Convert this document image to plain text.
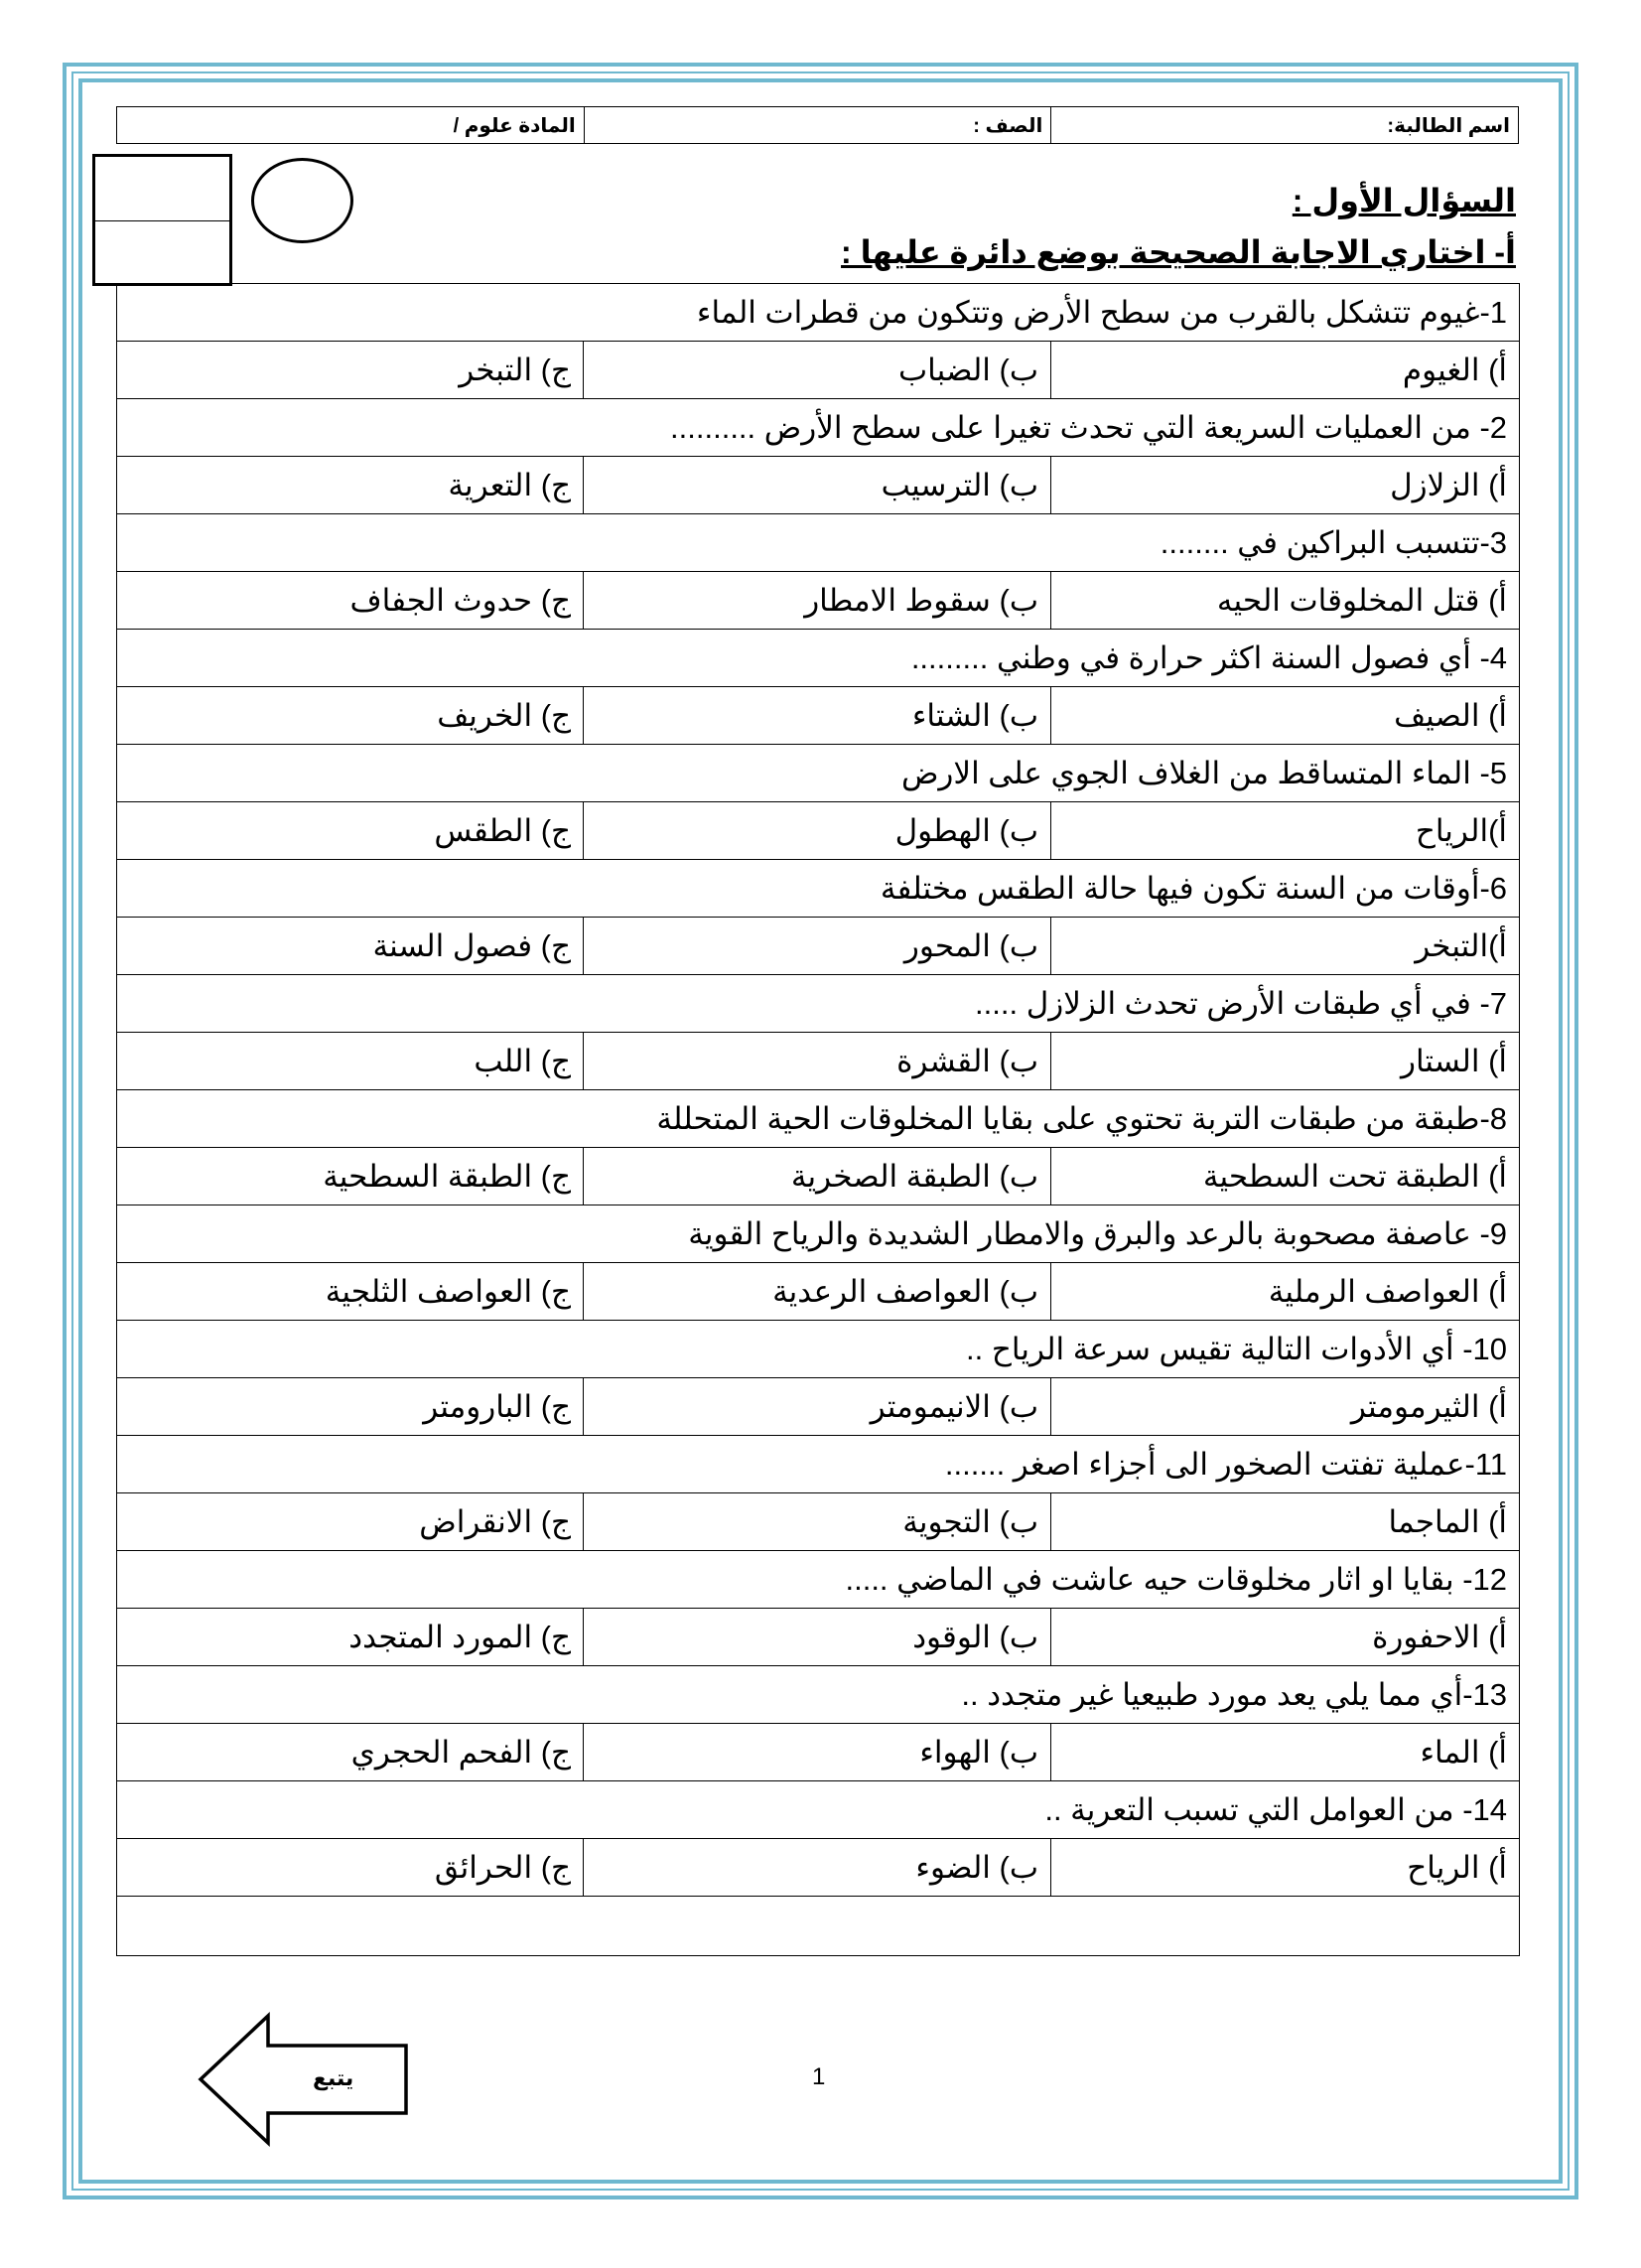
اسم الطالبة:	الصف :	المادة علوم /
السؤال الأول :
أ- اختاري الاجابة الصحيحة بوضع دائرة عليها :
1-غيوم تتشكل بالقرب من سطح الأرض وتتكون من قطرات الماء		
أ) الغيوم	ب) الضباب	ج) التبخر
2- من العمليات السريعة التي تحدث تغيرا على سطح الأرض ..........		
أ) الزلازل	ب) الترسيب	ج) التعرية
3-تتسبب البراكين في ........		
أ) قتل المخلوقات الحيه	ب) سقوط الامطار	ج) حدوث الجفاف
4- أي فصول السنة اكثر حرارة في وطني .........		
أ) الصيف	ب) الشتاء	ج) الخريف
5- الماء المتساقط من الغلاف الجوي على الارض		
أ)الرياح	ب) الهطول	ج) الطقس
6-أوقات من السنة تكون فيها حالة الطقس مختلفة		
أ)التبخر	ب) المحور	ج) فصول السنة
7- في أي طبقات الأرض تحدث الزلازل .....		
أ) الستار	ب) القشرة	ج) اللب
8-طبقة من طبقات التربة تحتوي على بقايا المخلوقات الحية المتحللة		
أ) الطبقة تحت السطحية	ب) الطبقة الصخرية	ج) الطبقة السطحية
9- عاصفة مصحوبة بالرعد والبرق والامطار الشديدة والرياح القوية		
أ) العواصف الرملية	ب) العواصف الرعدية	ج) العواصف الثلجية
10- أي الأدوات التالية تقيس سرعة الرياح ..		
أ) الثيرمومتر	ب) الانيمومتر	ج) البارومتر
11-عملية تفتت الصخور الى أجزاء اصغر .......		
أ) الماجما	ب) التجوية	ج) الانقراض
12- بقايا او اثار مخلوقات حيه عاشت في الماضي .....		
أ) الاحفورة	ب) الوقود	ج) المورد المتجدد
13-أي مما يلي يعد مورد طبيعيا غير متجدد ..		
أ) الماء	ب) الهواء	ج) الفحم الحجري
14- من العوامل التي تسبب التعرية ..		
أ) الرياح	ب) الضوء	ج) الحرائق

1
يتبع
